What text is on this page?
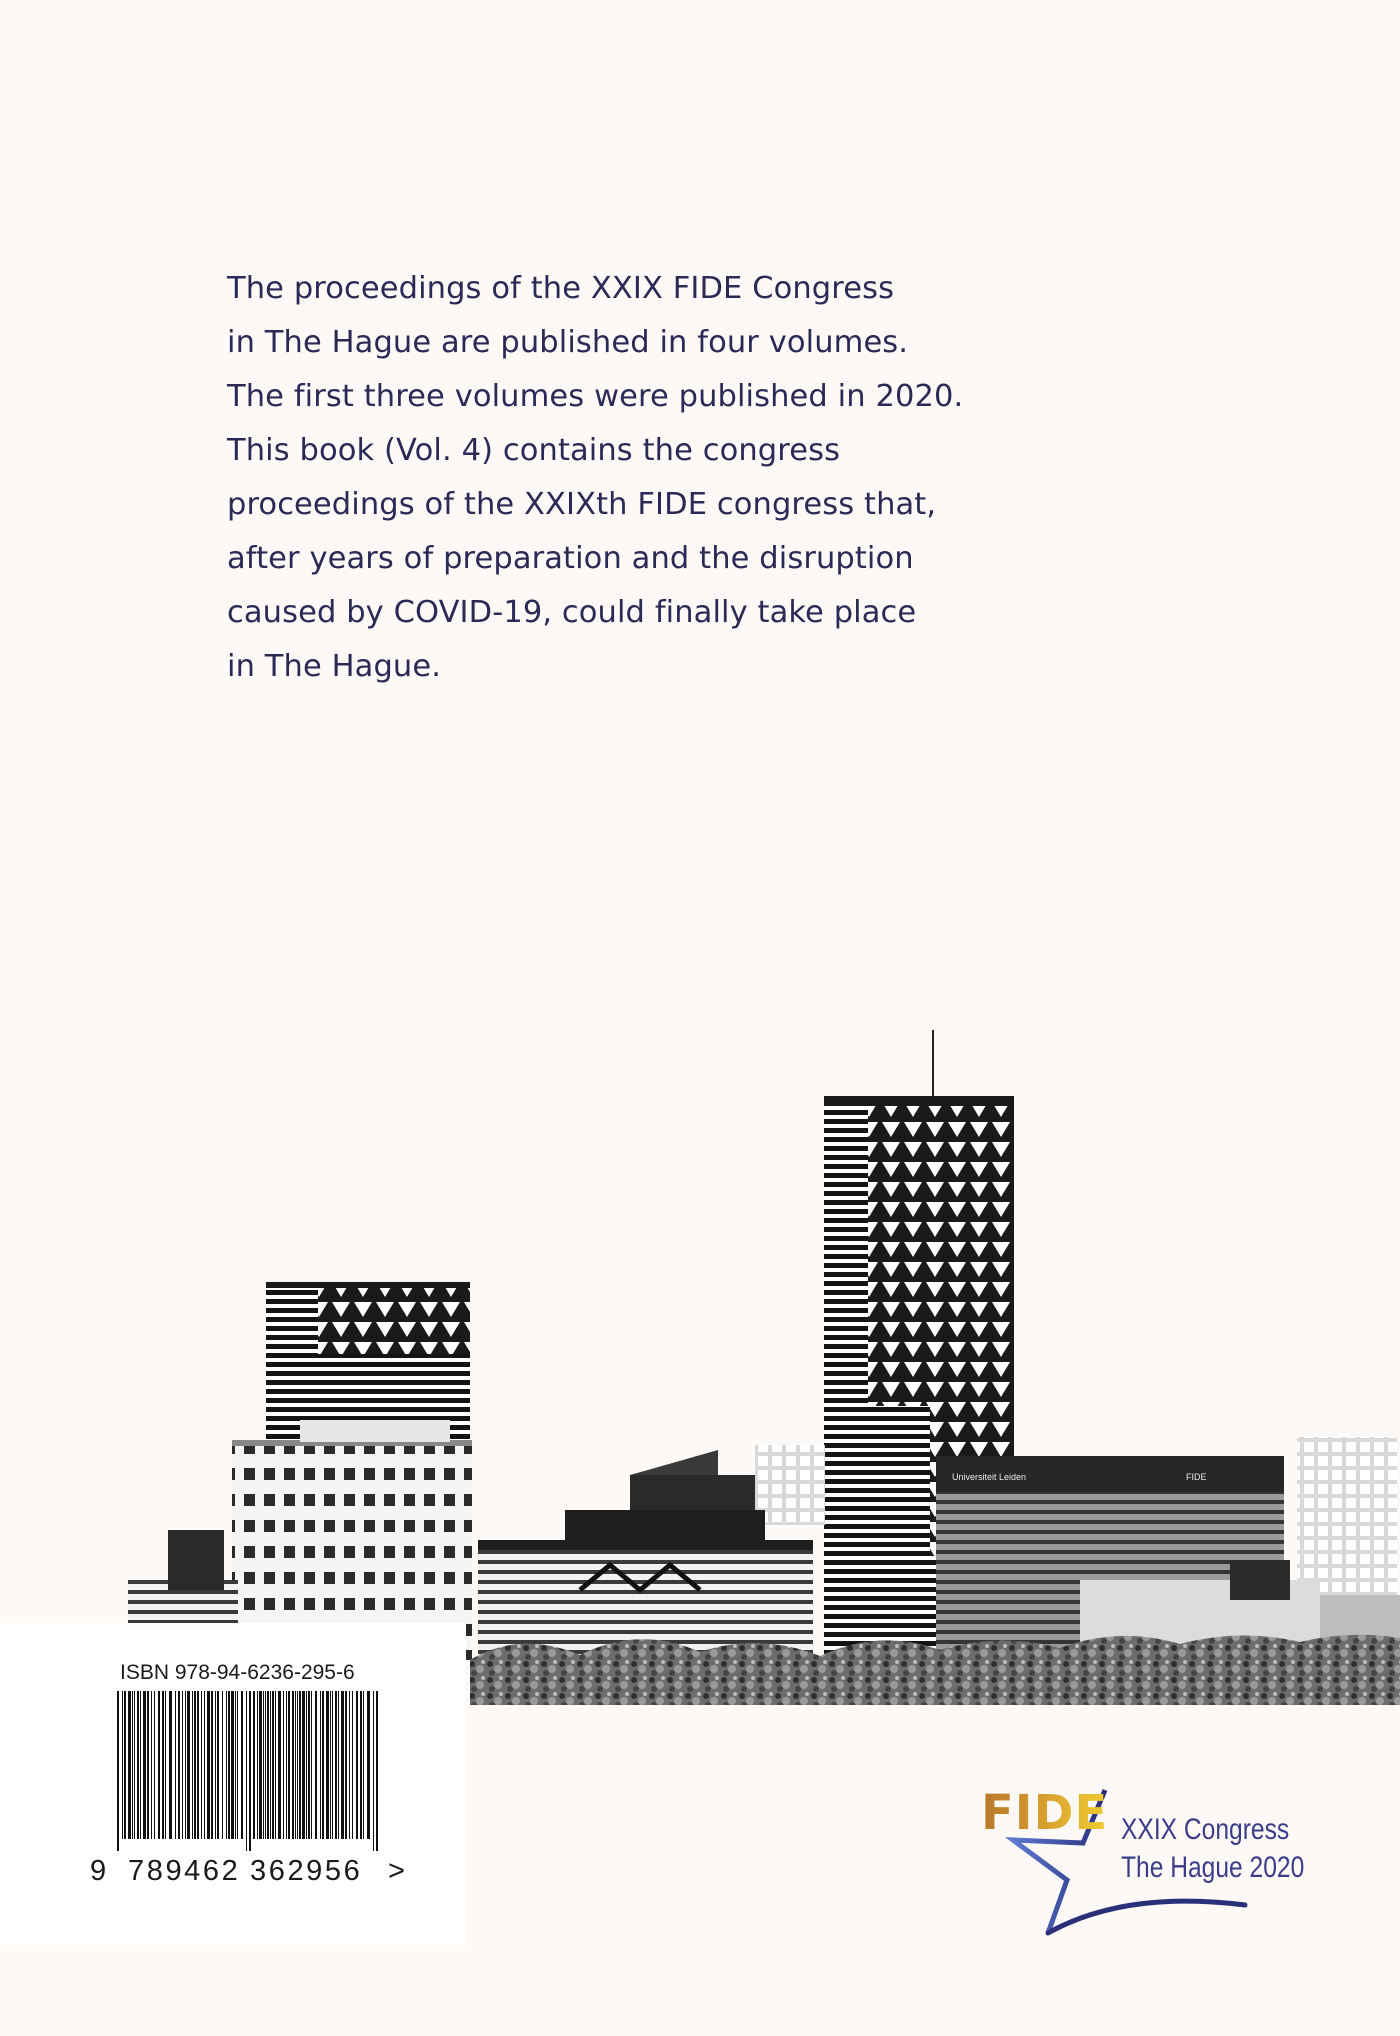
The proceedings of the XXIX FIDE Congress
in The Hague are published in four volumes.
The first three volumes were published in 2020.
This book (Vol. 4) contains the congress
proceedings of the XXIXth FIDE congress that,
after years of preparation and the disruption
caused by COVID-19, could finally take place
in The Hague.
Universiteit Leiden	FIDE
ISBN 978-94-6236-295-6
9 789462 362956 >
FIDE XXIX Congress
The Hague 2020
